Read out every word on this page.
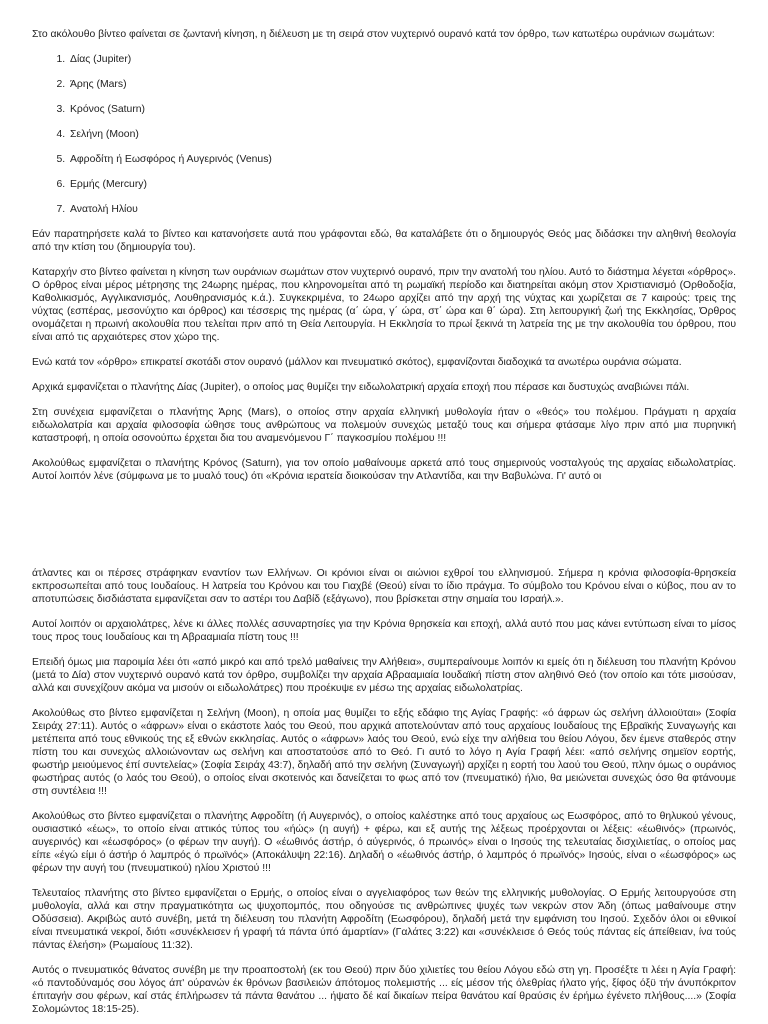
Στο ακόλουθο βίντεο φαίνεται σε ζωντανή κίνηση, η διέλευση με τη σειρά στον νυχτερινό ουρανό κατά τον όρθρο, των κατωτέρω ουράνιων σωμάτων:

1. Δίας (Jupiter)
2. Άρης (Mars)
3. Κρόνος (Saturn)
4. Σελήνη (Moon)
5. Αφροδίτη ή Εωσφόρος ή Αυγερινός (Venus)
6. Ερμής (Mercury)
7. Ανατολή Ηλίου

Εάν παρατηρήσετε καλά το βίντεο και κατανοήσετε αυτά που γράφονται εδώ, θα καταλάβετε ότι ο δημιουργός Θεός μας διδάσκει την αληθινή θεολογία από την κτίση του (δημιουργία του).

Καταρχήν στο βίντεο φαίνεται η κίνηση των ουράνιων σωμάτων στον νυχτερινό ουρανό, πριν την ανατολή του ηλίου. Αυτό το διάστημα λέγεται «όρθρος». Ο όρθρος είναι μέρος μέτρησης της 24ωρης ημέρας, που κληρονομείται από τη ρωμαϊκή περίοδο και διατηρείται ακόμη στον Χριστιανισμό (Ορθοδοξία, Καθολικισμός, Αγγλικανισμός, Λουθηρανισμός κ.ά.). Συγκεκριμένα, το 24ωρο αρχίζει από την αρχή της νύχτας και χωρίζεται σε 7 καιρούς: τρεις της νύχτας (εσπέρας, μεσονύχτιο και όρθρος) και τέσσερις της ημέρας (α΄ ώρα, γ΄ ώρα, στ΄ ώρα και θ΄ ώρα). Στη λειτουργική ζωή της Εκκλησίας, Όρθρος ονομάζεται η πρωινή ακολουθία που τελείται πριν από τη Θεία Λειτουργία. Η Εκκλησία το πρωί ξεκινά τη λατρεία της με την ακολουθία του όρθρου, που είναι από τις αρχαιότερες στον χώρο της.

Ενώ κατά τον «όρθρο» επικρατεί σκοτάδι στον ουρανό (μάλλον και πνευματικό σκότος), εμφανίζονται διαδοχικά τα ανωτέρω ουράνια σώματα.

Αρχικά εμφανίζεται ο πλανήτης Δίας (Jupiter), ο οποίος μας θυμίζει την ειδωλολατρική αρχαία εποχή που πέρασε και δυστυχώς αναβιώνει πάλι.

Στη συνέχεια εμφανίζεται ο πλανήτης Άρης (Mars), ο οποίος στην αρχαία ελληνική μυθολογία ήταν ο «θεός» του πολέμου. Πράγματι η αρχαία ειδωλολατρία και αρχαία φιλοσοφία ώθησε τους ανθρώπους να πολεμούν συνεχώς μεταξύ τους και σήμερα φτάσαμε λίγο πριν από μια πυρηνική καταστροφή, η οποία οσονούπω έρχεται δια του αναμενόμενου Γ΄ παγκοσμίου πολέμου !!!

Ακολούθως εμφανίζεται ο πλανήτης Κρόνος (Saturn), για τον οποίο μαθαίνουμε αρκετά από τους σημερινούς νοσταλγούς της αρχαίας ειδωλολατρίας. Αυτοί λοιπόν λένε (σύμφωνα με το μυαλό τους) ότι «Κρόνια ιερατεία διοικούσαν την Ατλαντίδα, και την Βαβυλώνα. Γι' αυτό οι

άτλαντες και οι πέρσες στράφηκαν εναντίον των Ελλήνων. Οι κρόνιοι είναι οι αιώνιοι εχθροί του ελληνισμού. Σήμερα η κρόνια φιλοσοφία-θρησκεία εκπροσωπείται από τους Ιουδαίους. Η λατρεία του Κρόνου και του Γιαχβέ (Θεού) είναι το ίδιο πράγμα. Το σύμβολο του Κρόνου είναι ο κύβος, που αν το αποτυπώσεις δισδιάστατα εμφανίζεται σαν το αστέρι του Δαβίδ (εξάγωνο), που βρίσκεται στην σημαία του Ισραήλ.».

Αυτοί λοιπόν οι αρχαιολάτρες, λένε κι άλλες πολλές ασυναρτησίες για την Κρόνια θρησκεία και εποχή, αλλά αυτό που μας κάνει εντύπωση είναι το μίσος τους προς τους Ιουδαίους και τη Αβρααμιαία πίστη τους !!!

Επειδή όμως μια παροιμία λέει ότι «από μικρό και από τρελό μαθαίνεις την Αλήθεια», συμπεραίνουμε λοιπόν κι εμείς ότι η διέλευση του πλανήτη Κρόνου (μετά το Δία) στον νυχτερινό ουρανό κατά τον όρθρο, συμβολίζει την αρχαία Αβρααμιαία Ιουδαϊκή πίστη στον αληθινό Θεό (τον οποίο και τότε μισούσαν, αλλά και συνεχίζουν ακόμα να μισούν οι ειδωλολάτρες) που προέκυψε εν μέσω της αρχαίας ειδωλολατρίας.

Ακολούθως στο βίντεο εμφανίζεται η Σελήνη (Moon), η οποία μας θυμίζει το εξής εδάφιο της Αγίας Γραφής: «ό άφρων ώς σελήνη άλλοιοϋται» (Σοφία Σειράχ 27:11). Αυτός ο «άφρων» είναι ο εκάστοτε λαός του Θεού, που αρχικά αποτελούνταν από τους αρχαίους Ιουδαίους της Εβραϊκής Συναγωγής και μετέπειτα από τους εθνικούς της εξ εθνών εκκλησίας. Αυτός ο «άφρων» λαός του Θεού, ενώ είχε την αλήθεια του θείου Λόγου, δεν έμενε σταθερός στην πίστη του και συνεχώς αλλοιώνονταν ως σελήνη και αποστατούσε από το Θεό. Γι αυτό το λόγο η Αγία Γραφή λέει: «από σελήνης σημεϊον εορτής, φωστήρ μειούμενος έπί συντελείας» (Σοφία Σειράχ 43:7), δηλαδή από την σελήνη (Συναγωγή) αρχίζει η εορτή του λαού του Θεού, πλην όμως ο ουράνιος φωστήρας αυτός (ο λαός του Θεού), ο οποίος είναι σκοτεινός και δανείζεται το φως από τον (πνευματικό) ήλιο, θα μειώνεται συνεχώς όσο θα φτάνουμε στη συντέλεια !!!

Ακολούθως στο βίντεο εμφανίζεται ο πλανήτης Αφροδίτη (ή Αυγερινός), ο οποίος καλέστηκε από τους αρχαίους ως Εωσφόρος, από το θηλυκού γένους, ουσιαστικό «έως», το οποίο είναι αττικός τύπος του «ήώς» (η αυγή) + φέρω, και εξ αυτής της λέξεως προέρχονται οι λέξεις: «έωθινός» (πρωινός, αυγερινός) και «έωσφόρος» (ο φέρων την αυγή). Ο «έωθινός άστήρ, ό αύγερινός, ό πρωινός» είναι ο Ιησούς της τελευταίας δισχιλιετίας, ο οποίος μας είπε «έγώ είμι ό άστήρ ό λαμπρός ό πρωϊνός» (Αποκάλυψη 22:16). Δηλαδή ο «έωθινός άστήρ, ό λαμπρός ό πρωϊνός» Ιησούς, είναι ο «έωσφόρος» ως φέρων την αυγή του (πνευματικού) ηλίου Χριστού !!!

Τελευταίος πλανήτης στο βίντεο εμφανίζεται ο Ερμής, ο οποίος είναι ο αγγελιαφόρος των θεών της ελληνικής μυθολογίας. Ο Ερμής λειτουργούσε στη μυθολογία, αλλά και στην πραγματικότητα ως ψυχοπομπός, που οδηγούσε τις ανθρώπινες ψυχές των νεκρών στον Άδη (όπως μαθαίνουμε στην Οδύσσεια). Ακριβώς αυτό συνέβη, μετά τη διέλευση του πλανήτη Αφροδίτη (Εωσφόρου), δηλαδή μετά την εμφάνιση του Ιησού. Σχεδόν όλοι οι εθνικοί είναι πνευματικά νεκροί, διότι «συνέκλεισεν ή γραφή τά πάντα ύπό άμαρτίαν» (Γαλάτες 3:22) και «συνέκλεισε ό Θεός τούς πάντας είς άπείθειαν, ίνα τούς πάντας έλεήση» (Ρωμαίους 11:32).

Αυτός ο πνευματικός θάνατος συνέβη με την προαποστολή (εκ του Θεού) πριν δύο χιλιετίες του θείου Λόγου εδώ στη γη. Προσέξτε τι λέει η Αγία Γραφή: «ό παντοδύναμός σου λόγος άπ' ούρανών έκ θρόνων βασιλειών άπότομος πολεμιστής ... είς μέσον τής όλεθρίας ήλατο γής, ξίφος όξϋ τήν άνυπόκριτον έπιταγήν σου φέρων, καί στάς έπλήρωσεν τά πάντα θανάτου ... ήψατο δέ καί δικαίων πείρα θανάτου καί θραύσις έν έρήμω έγένετο πλήθους....» (Σοφία Σολομώντος 18:15-25).
